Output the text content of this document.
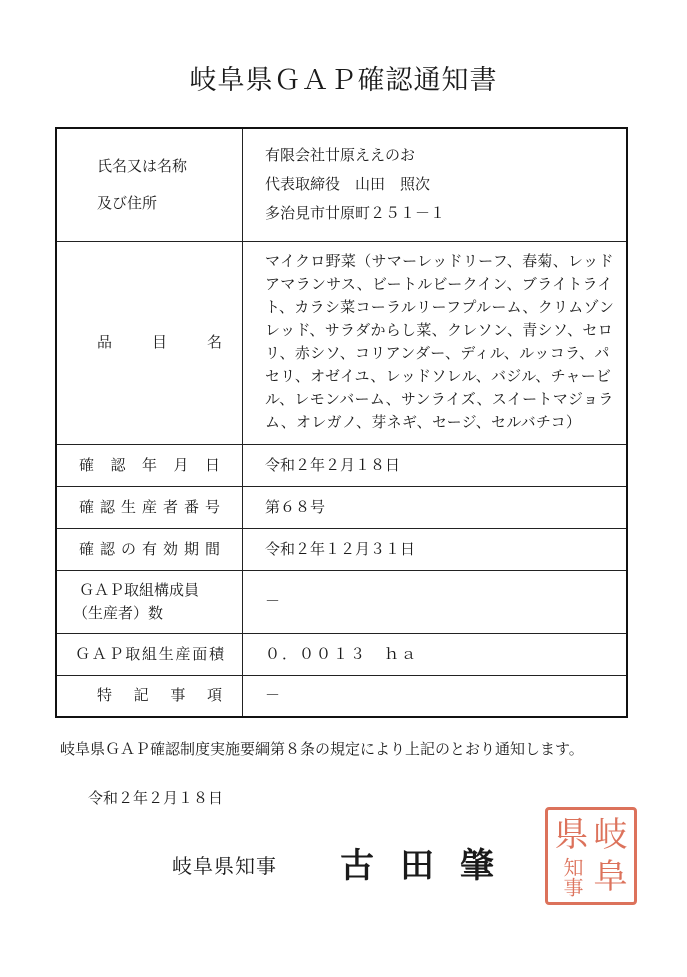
岐阜県ＧＡＰ確認通知書
氏名又は名称
及び住所	有限会社廿原ええのお
代表取締役　山田　照次
多治見市廿原町２５１－１

品　目　名	マイクロ野菜（サマーレッドリーフ、春菊、レッドアマランサス、ビートルビークイン、ブライトライト、カラシ菜コーラルリーフプルーム、クリムゾンレッド、サラダからし菜、クレソン、青シソ、セロリ、赤シソ、コリアンダー、ディル、ルッコラ、パセリ、オゼイユ、レッドソレル、バジル、チャービル、レモンバーム、サンライズ、スイートマジョラム、オレガノ、芽ネギ、セージ、セルバチコ）

確認年月日	令和２年２月１８日

確認生産者番号	第６８号

確認の有効期間	令和２年１２月３１日

ＧＡＰ取組構成員
（生産者）数	－

ＧＡＰ取組生産面積	０．００１３　ｈａ

特記事項	－
岐阜県ＧＡＰ確認制度実施要綱第８条の規定により上記のとおり通知します。
令和２年２月１８日
岐阜県知事 古田肇
岐
県
阜
知事
